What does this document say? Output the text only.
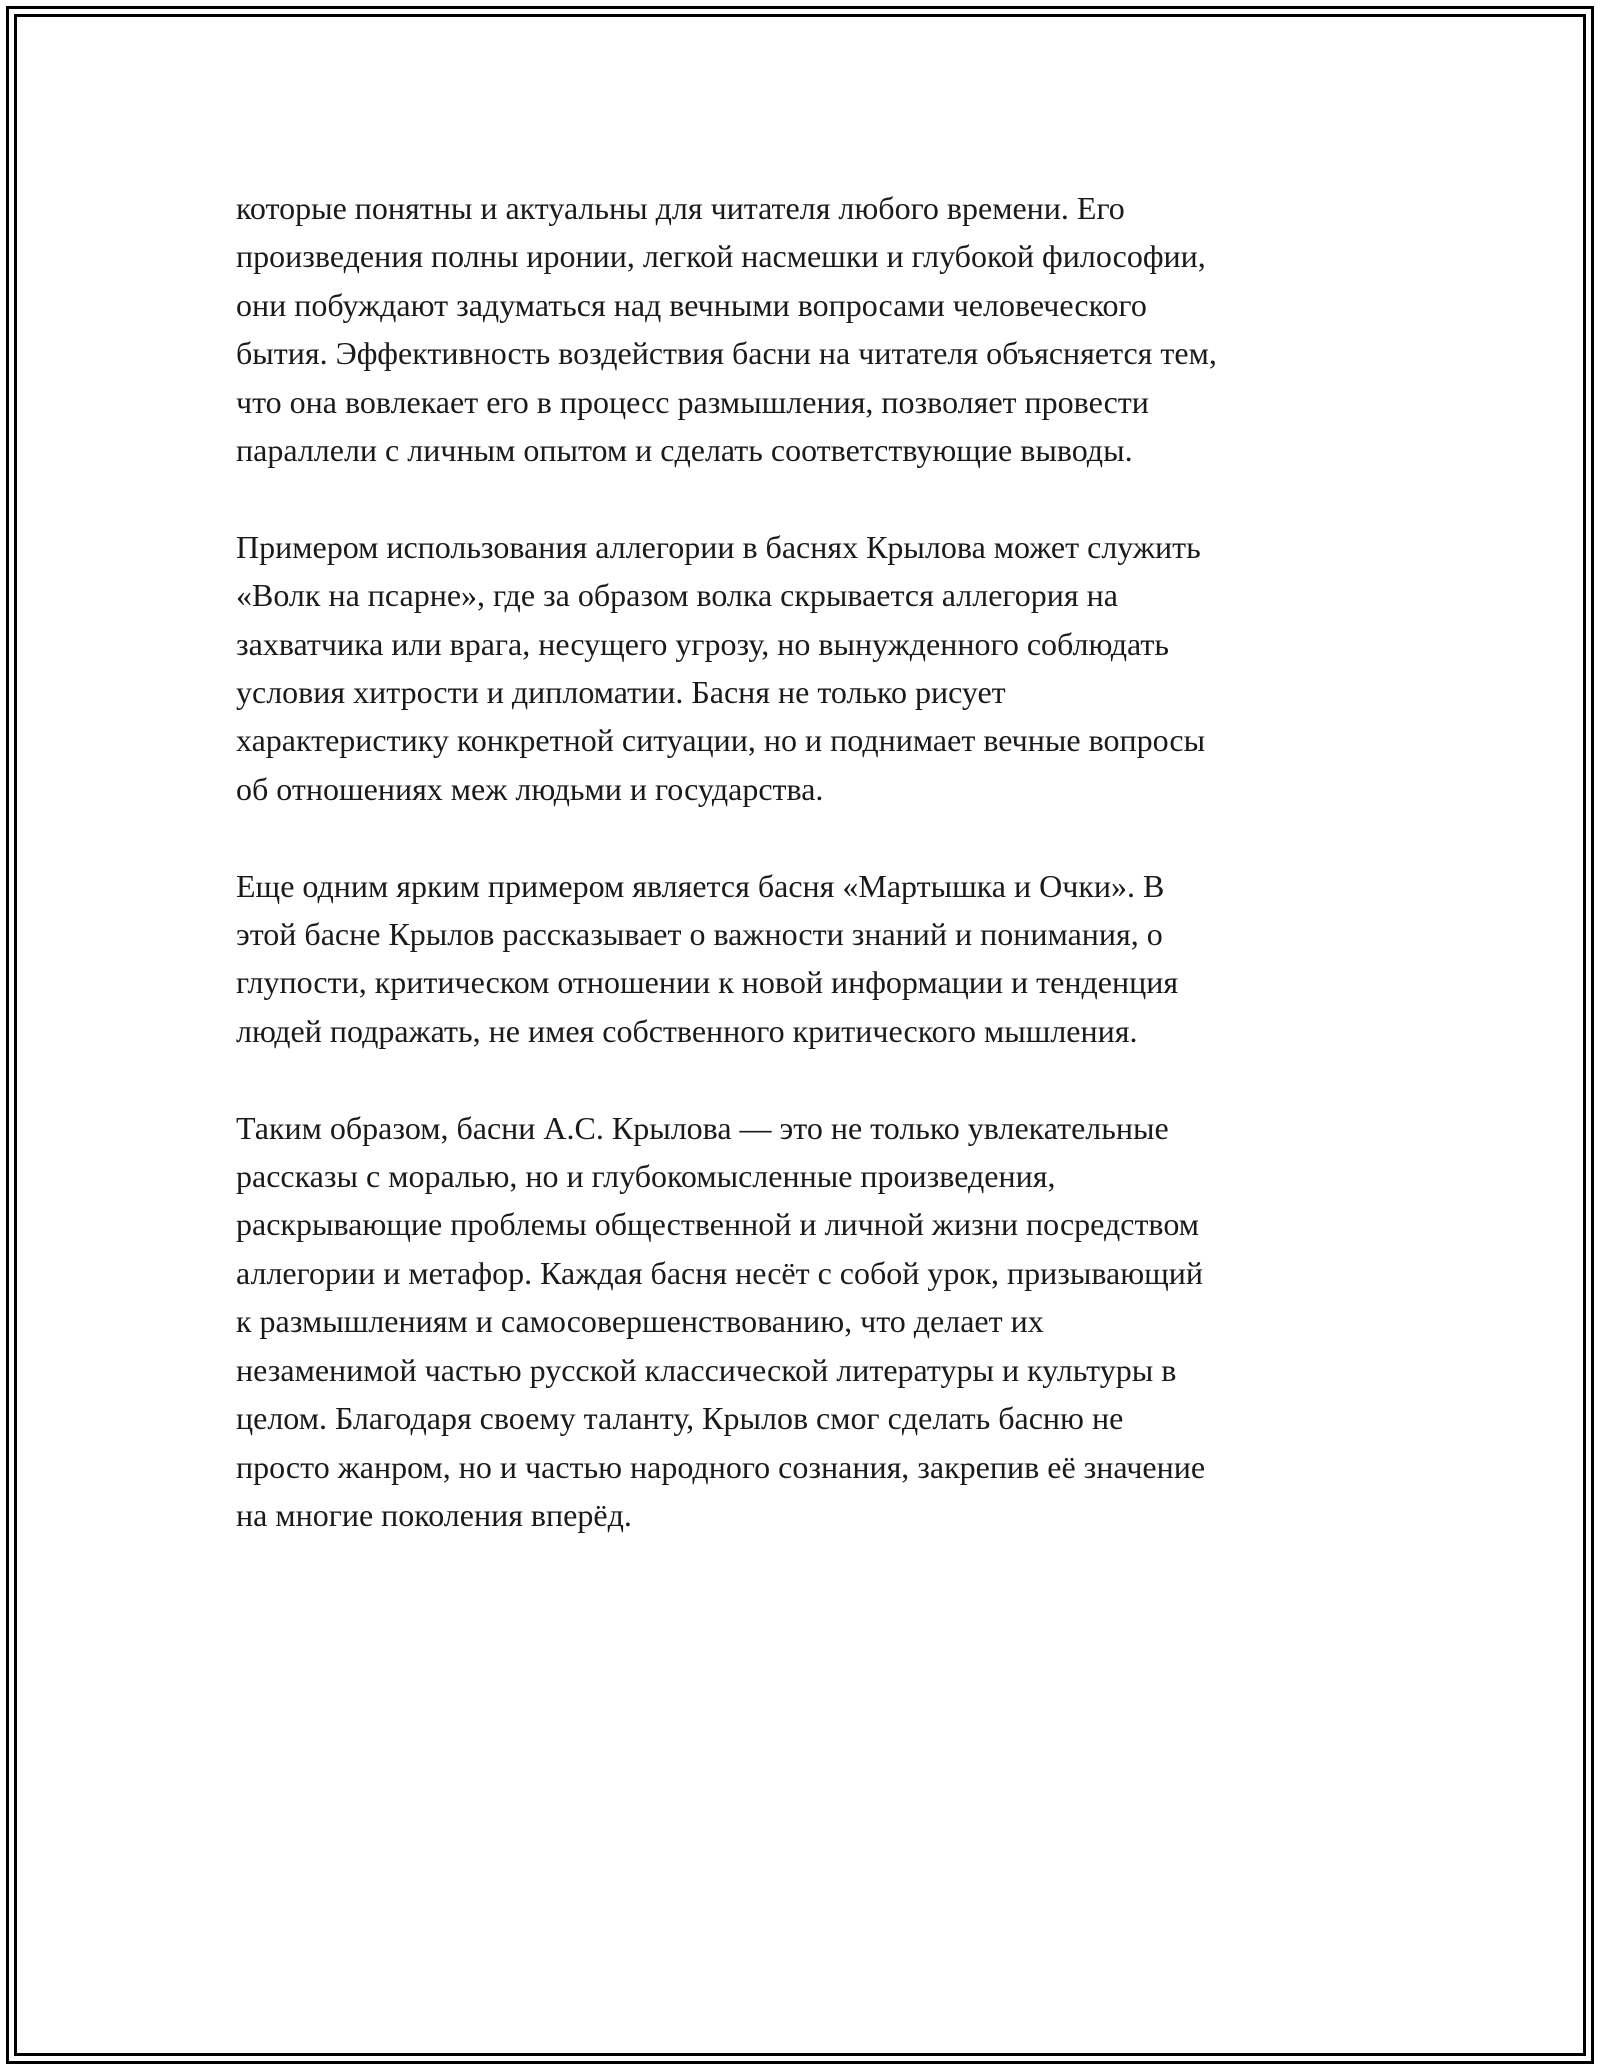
которые понятны и актуальны для читателя любого времени. Его
произведения полны иронии, легкой насмешки и глубокой философии,
они побуждают задуматься над вечными вопросами человеческого
бытия. Эффективность воздействия басни на читателя объясняется тем,
что она вовлекает его в процесс размышления, позволяет провести
параллели с личным опытом и сделать соответствующие выводы.

Примером использования аллегории в баснях Крылова может служить
«Волк на псарне», где за образом волка скрывается аллегория на
захватчика или врага, несущего угрозу, но вынужденного соблюдать
условия хитрости и дипломатии. Басня не только рисует
характеристику конкретной ситуации, но и поднимает вечные вопросы
об отношениях меж людьми и государства.

Еще одним ярким примером является басня «Мартышка и Очки». В
этой басне Крылов рассказывает о важности знаний и понимания, о
глупости, критическом отношении к новой информации и тенденция
людей подражать, не имея собственного критического мышления.

Таким образом, басни А.С. Крылова — это не только увлекательные
рассказы с моралью, но и глубокомысленные произведения,
раскрывающие проблемы общественной и личной жизни посредством
аллегории и метафор. Каждая басня несёт с собой урок, призывающий
к размышлениям и самосовершенствованию, что делает их
незаменимой частью русской классической литературы и культуры в
целом. Благодаря своему таланту, Крылов смог сделать басню не
просто жанром, но и частью народного сознания, закрепив её значение
на многие поколения вперёд.
